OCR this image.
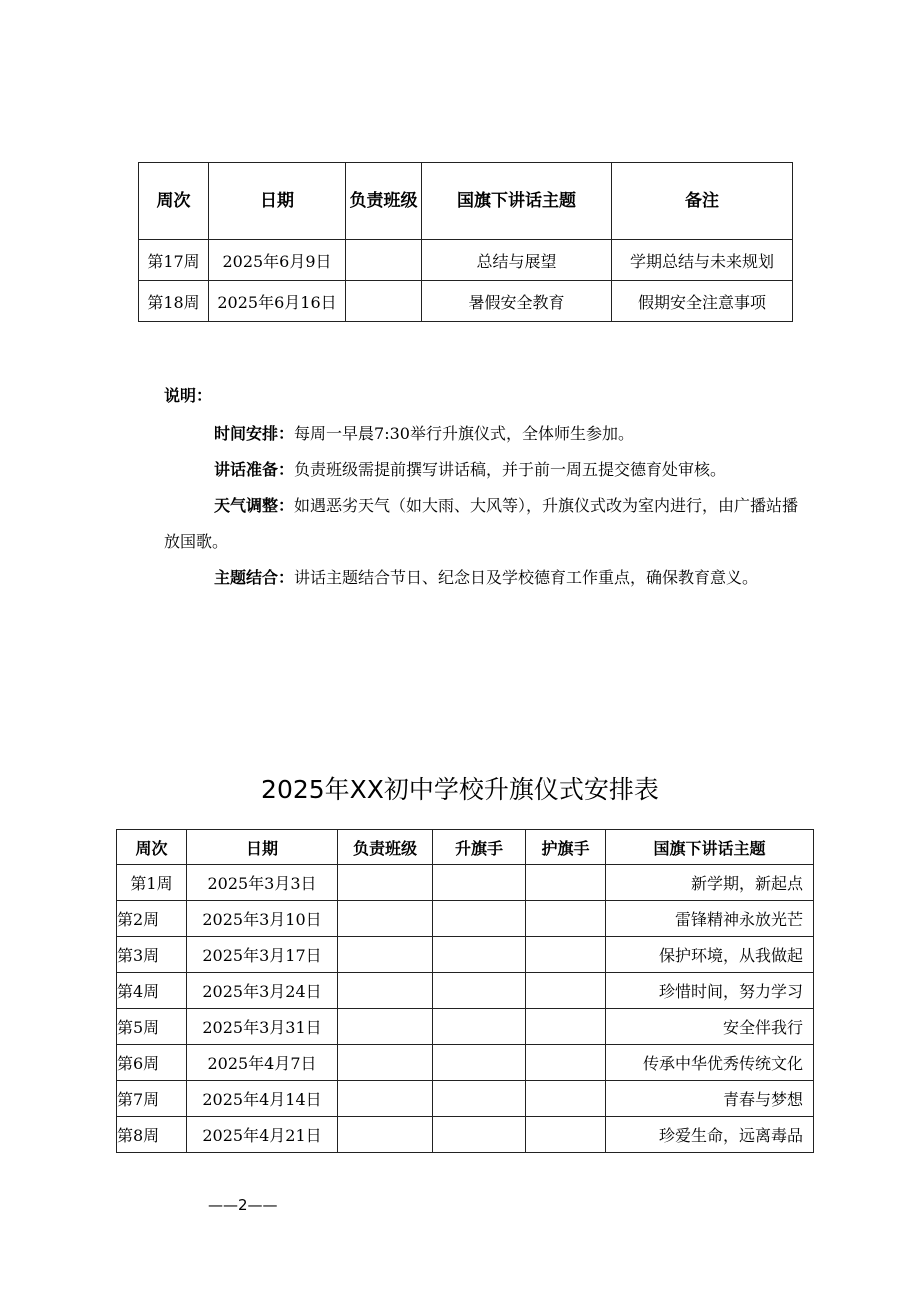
周次	日期	负责班级	国旗下讲话主题	备注
第17周	2025年6月9日		总结与展望	学期总结与未来规划
第18周	2025年6月16日		暑假安全教育	假期安全注意事项
说明：

时间安排：每周一早晨7:30举行升旗仪式，全体师生参加。

讲话准备：负责班级需提前撰写讲话稿，并于前一周五提交德育处审核。

天气调整：如遇恶劣天气（如大雨、大风等），升旗仪式改为室内进行，由广播站播放国歌。

主题结合：讲话主题结合节日、纪念日及学校德育工作重点，确保教育意义。

2025年XX初中学校升旗仪式安排表
周次	日期	负责班级	升旗手	护旗手	国旗下讲话主题
第1周	2025年3月3日				新学期，新起点
第2周	2025年3月10日				雷锋精神永放光芒
第3周	2025年3月17日				保护环境，从我做起
第4周	2025年3月24日				珍惜时间，努力学习
第5周	2025年3月31日				安全伴我行
第6周	2025年4月7日				传承中华优秀传统文化
第7周	2025年4月14日				青春与梦想
第8周	2025年4月21日				珍爱生命，远离毒品
——2——
